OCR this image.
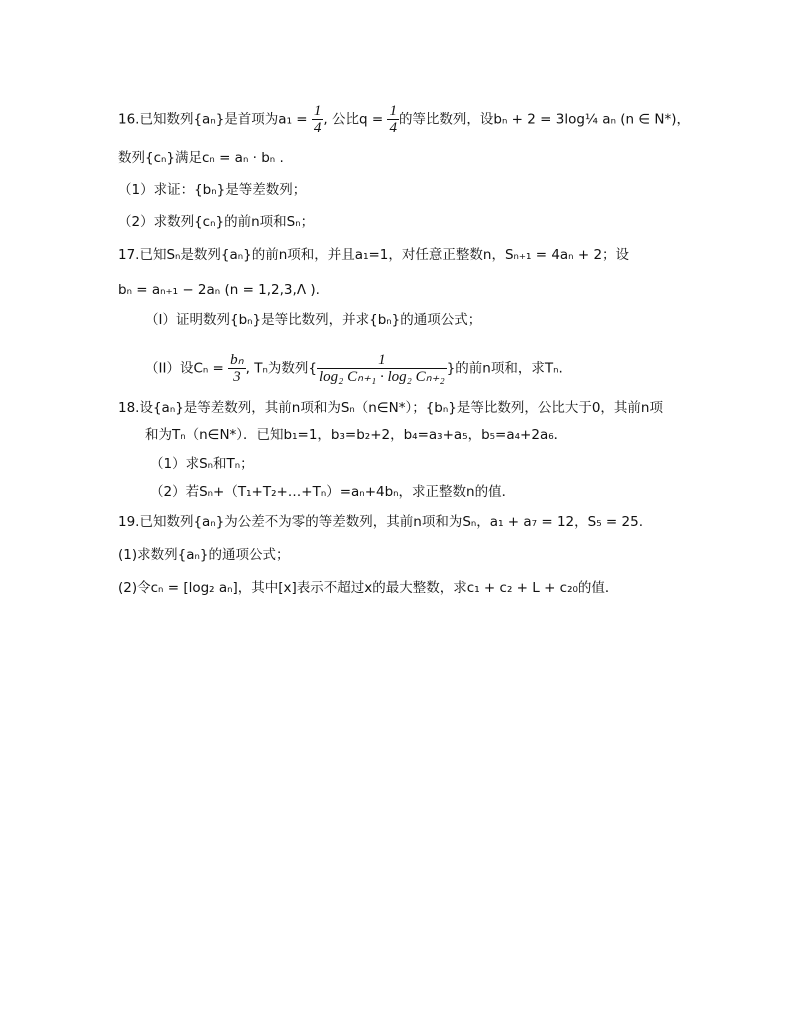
16.已知数列{aₙ}是首项为$a_1 = \frac{1}{4}$ , 公比$q = \frac{1}{4}$ 的等比数列，设bₙ + 2 = 3log¼ aₙ (n ∈ N*)，
数列{cₙ}满足cₙ = aₙ · bₙ .
（1）求证：{bₙ}是等差数列；
（2）求数列{cₙ}的前n项和Sₙ；
17.已知Sₙ是数列{aₙ}的前n项和，并且a₁=1，对任意正整数n，Sₙ₊₁ = 4aₙ + 2；设
bₙ = aₙ₊₁ − 2aₙ (n = 1,2,3,Λ ).
（I）证明数列{bₙ}是等比数列，并求{bₙ}的通项公式；
（II）设$C_n = \frac{\text{bₙ}}{3}$ , Tₙ为数列{ $\frac{1}{\text{log₂ Cₙ₊₁ · log₂ Cₙ₊₂}}$ }的前n项和，求Tₙ.
18.设{aₙ}是等差数列，其前n项和为Sₙ（n∈N*）；{bₙ}是等比数列，公比大于0，其前n项
和为Tₙ（n∈N*）．已知b₁=1，b₃=b₂+2，b₄=a₃+a₅，b₅=a₄+2a₆．
（1）求Sₙ和Tₙ；
（2）若Sₙ+（T₁+T₂+…+Tₙ）=aₙ+4bₙ，求正整数n的值．
19.已知数列{aₙ}为公差不为零的等差数列，其前n项和为Sₙ，a₁ + a₇ = 12，S₅ = 25.
(1)求数列{aₙ}的通项公式；
(2)令cₙ = [log₂ aₙ]，其中[x]表示不超过x的最大整数，求c₁ + c₂ + L + c₂₀的值．
